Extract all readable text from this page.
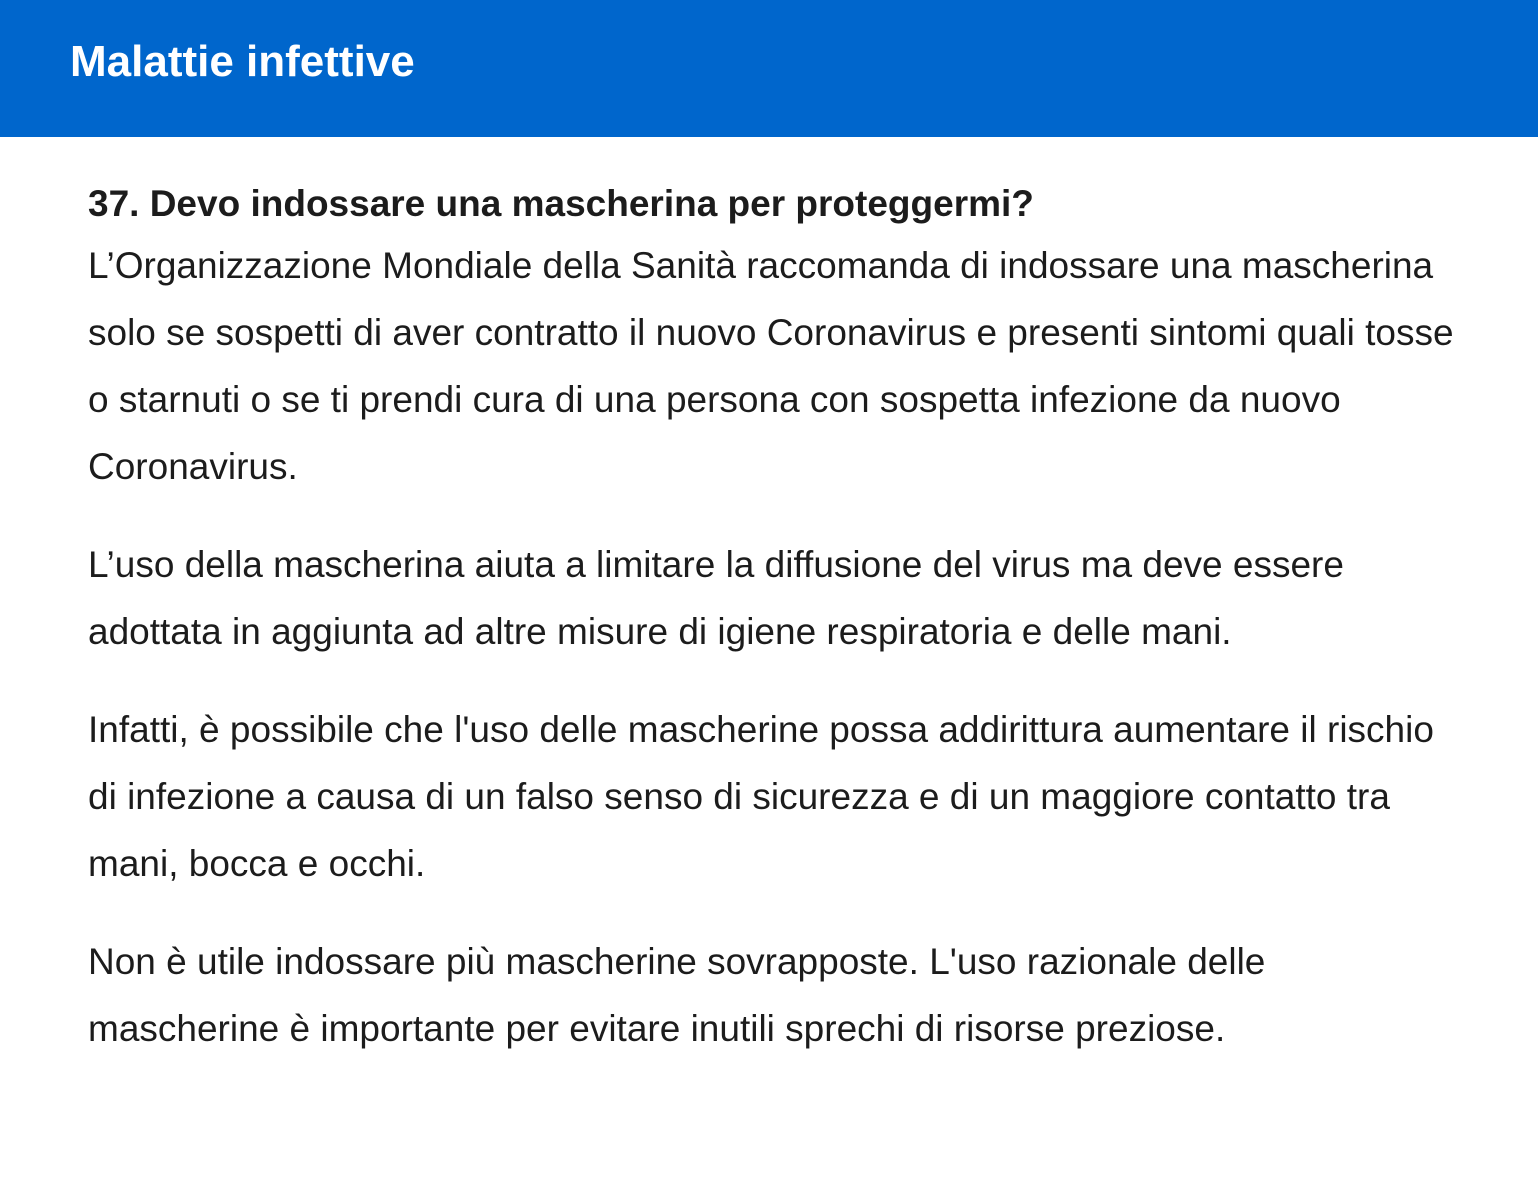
Malattie infettive
37. Devo indossare una mascherina per proteggermi?

L’Organizzazione Mondiale della Sanità raccomanda di indossare una mascherina solo se sospetti di aver contratto il nuovo Coronavirus e presenti sintomi quali tosse o starnuti o se ti prendi cura di una persona con sospetta infezione da nuovo Coronavirus.

L’uso della mascherina aiuta a limitare la diffusione del virus ma deve essere adottata in aggiunta ad altre misure di igiene respiratoria e delle mani.

Infatti, è possibile che l'uso delle mascherine possa addirittura aumentare il rischio di infezione a causa di un falso senso di sicurezza e di un maggiore contatto tra mani, bocca e occhi.

Non è utile indossare più mascherine sovrapposte. L'uso razionale delle mascherine è importante per evitare inutili sprechi di risorse preziose.
